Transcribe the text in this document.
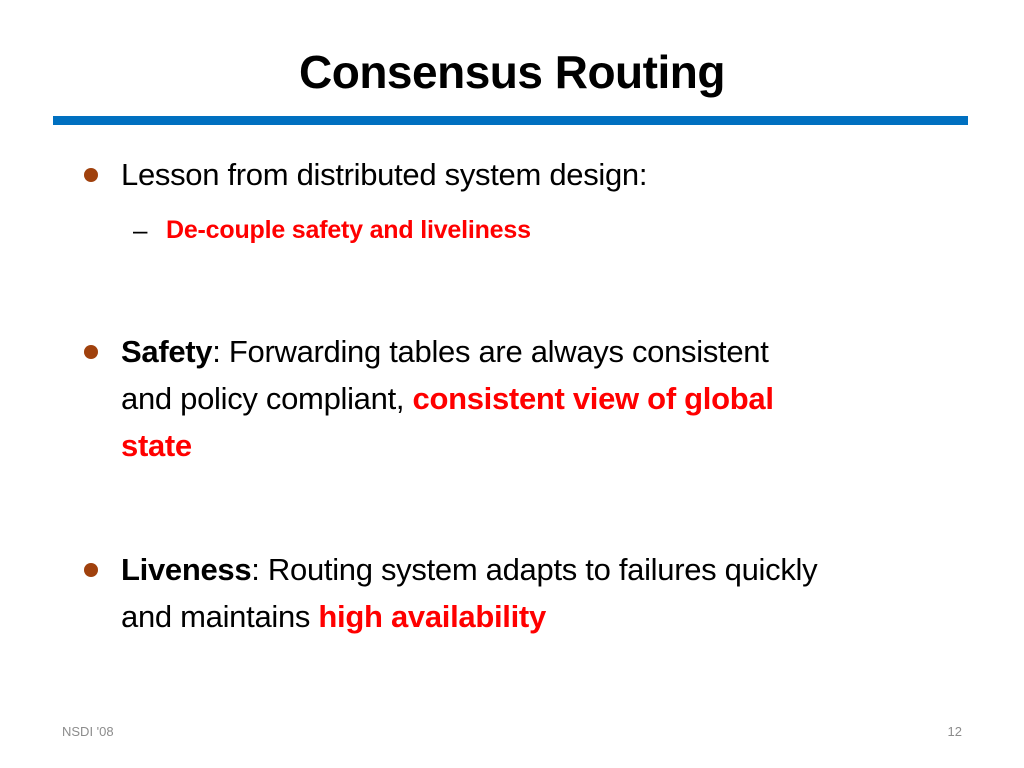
Consensus Routing
Lesson from distributed system design:
– De-couple safety and liveliness
Safety: Forwarding tables are always consistent
and policy compliant, consistent view of global
state
Liveness: Routing system adapts to failures quickly
and maintains high availability
NSDI '08	12
